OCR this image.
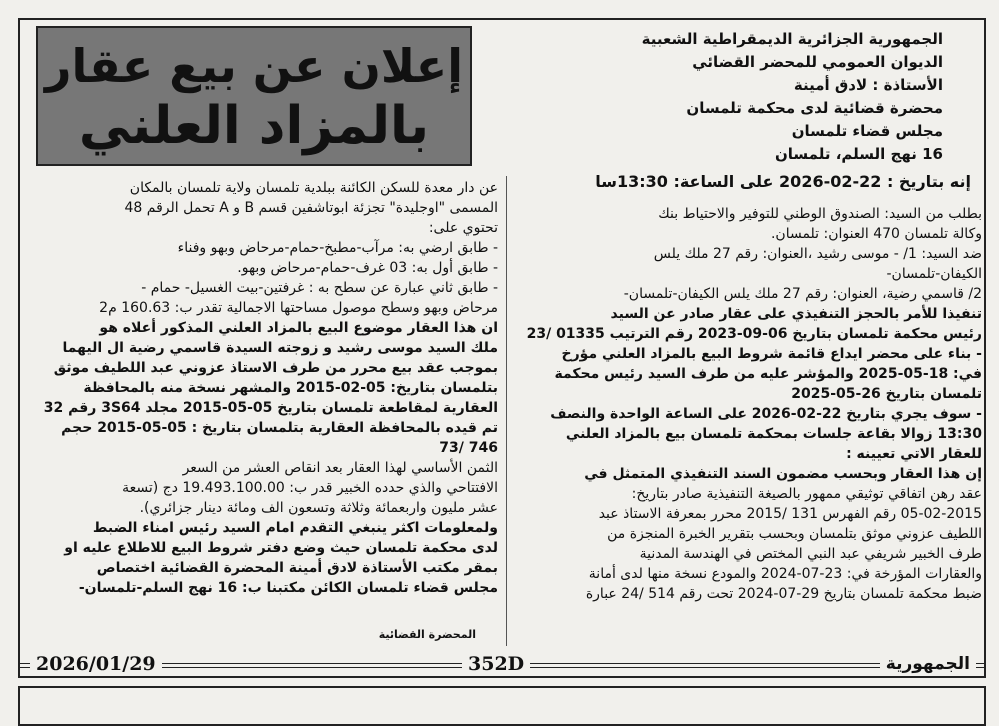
إعلان عن بيع عقار
بالمزاد العلني
الجمهورية الجزائرية الديمقراطية الشعبية
الديوان العمومي للمحضر القضائي
الأستاذة : لادق أمينة
محضرة قضائية لدى محكمة تلمسان
مجلس قضاء تلمسان
16 نهج السلم، تلمسان
إنه بتاريخ : 22-02-2026 على الساعة: 13:30سا

بطلب من السيد: الصندوق الوطني للتوفير والاحتياط بنك

وكالة تلمسان 470 العنوان: تلمسان.

ضد السيد: 1/ - موسى رشيد ،العنوان: رقم 27 ملك يلس

الكيفان-تلمسان-

2/ قاسمي رضية، العنوان: رقم 27 ملك يلس الكيفان-تلمسان-

تنفيذا للأمر بالحجز التنفيذي على عقار صادر عن السيد

رئيس محكمة تلمسان بتاريخ 06-09-2023 رقم الترتيب 01335 /23

- بناء على محضر ايداع قائمة شروط البيع بالمزاد العلني مؤرخ

في: 18-05-2025 والمؤشر عليه من طرف السيد رئيس محكمة

تلمسان بتاريخ 26-05-2025

- سوف يجري بتاريخ 22-02-2026 على الساعة الواحدة والنصف

13:30 زوالا بقاعة جلسات بمحكمة تلمسان بيع بالمزاد العلني

للعقار الاتي تعيينه :

إن هذا العقار وبحسب مضمون السند التنفيذي المتمثل في

عقد رهن اتفاقي توثيقي ممهور بالصيغة التنفيذية صادر بتاريخ:

05-02-2015 رقم الفهرس 131 /2015 محرر بمعرفة الاستاذ عبد

اللطيف عزوني موثق بتلمسان وبحسب بتقرير الخبرة المنجزة من

طرف الخبير شريفي عبد النبي المختص في الهندسة المدنية

والعقارات المؤرخة في: 23-07-2024 والمودع نسخة منها لدى أمانة

ضبط محكمة تلمسان بتاريخ 29-07-2024 تحت رقم 514 /24 عبارة

عن دار معدة للسكن الكائنة ببلدية تلمسان ولاية تلمسان بالمكان

المسمى "اوجليدة" تجزئة ابوتاشفين قسم B و A تحمل الرقم 48

تحتوي على:

- طابق ارضي به: مرآب-مطبخ-حمام-مرحاض وبهو وفناء

- طابق أول به: 03 غرف-حمام-مرحاض وبهو.

- طابق ثاني عبارة عن سطح به : غرفتين-بيت الغسيل- حمام -

مرحاض وبهو وسطح موصول مساحتها الاجمالية تقدر ب: 160.63 م2

ان هذا العقار موضوع البيع بالمزاد العلني المذكور أعلاه هو

ملك السيد موسى رشيد و زوجته السيدة قاسمي رضية ال اليهما

بموجب عقد بيع محرر من طرف الاستاذ عزوني عبد اللطيف موثق

بتلمسان بتاريخ: 05-02-2015 والمشهر نسخة منه بالمحافظة

العقارية لمقاطعة تلمسان بتاريخ 05-05-2015 مجلد 3S64 رقم 32

تم قيده بالمحافظة العقارية بتلمسان بتاريخ : 05-05-2015 حجم

746 /73

الثمن الأساسي لهذا العقار بعد انقاص العشر من السعر

الافتتاحي والذي حدده الخبير قدر ب: 19.493.100.00 دج (تسعة

عشر مليون واربعمائة وثلاثة وتسعون الف ومائة دينار جزائري).

ولمعلومات اكثر ينبغي التقدم امام السيد رئيس امناء الضبط

لدى محكمة تلمسان حيث وضع دفتر شروط البيع للاطلاع عليه او

بمقر مكتب الأستاذة لادق أمينة المحضرة القضائية اختصاص

مجلس قضاء تلمسان الكائن مكتبنا ب: 16 نهج السلم-تلمسان-

المحضرة القضائية
2026/01/29	352D	الجمهورية
